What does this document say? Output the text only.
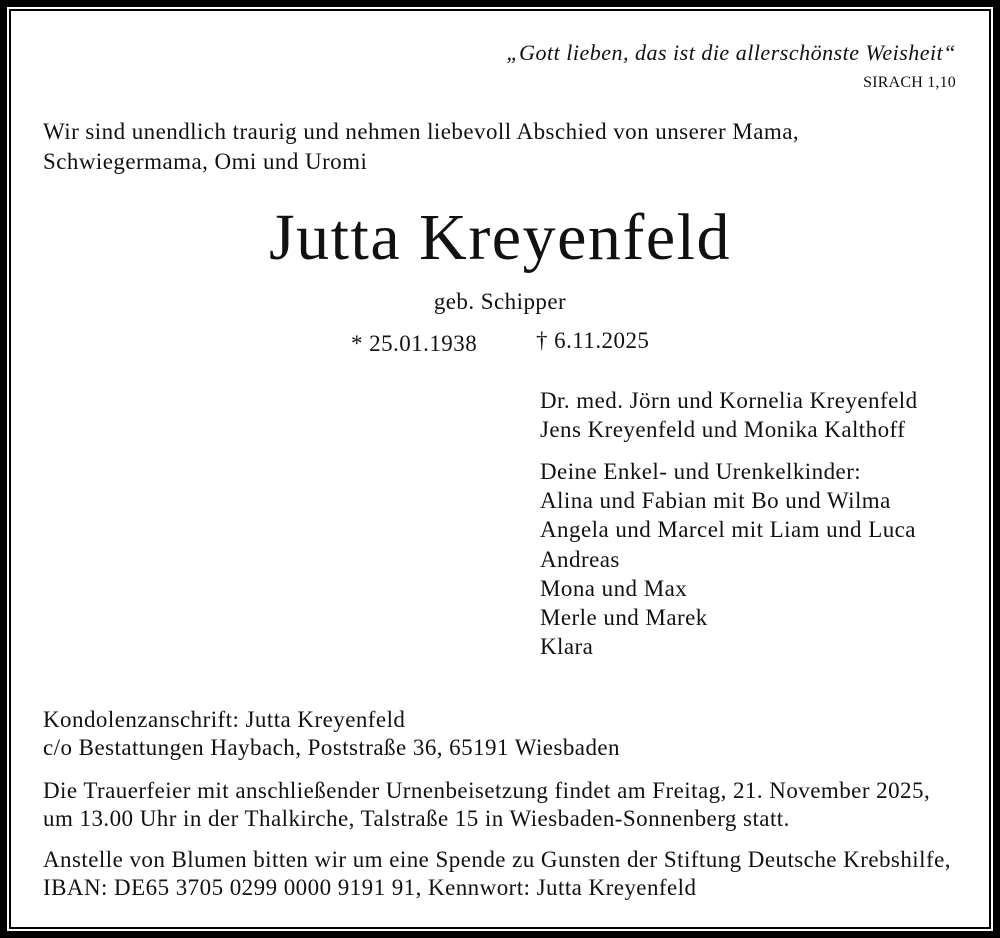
„Gott lieben, das ist die allerschönste Weisheit“
SIRACH 1,10
Wir sind unendlich traurig und nehmen liebevoll Abschied von unserer Mama,
Schwiegermama, Omi und Uromi
Jutta Kreyenfeld
geb. Schipper
* 25.01.1938	† 6.11.2025
Dr. med. Jörn und Kornelia Kreyenfeld
Jens Kreyenfeld und Monika Kalthoff
Deine Enkel- und Urenkelkinder:
Alina und Fabian mit Bo und Wilma
Angela und Marcel mit Liam und Luca
Andreas
Mona und Max
Merle und Marek
Klara
Kondolenzanschrift: Jutta Kreyenfeld
c/o Bestattungen Haybach, Poststraße 36, 65191 Wiesbaden
Die Trauerfeier mit anschließender Urnenbeisetzung findet am Freitag, 21. November 2025,
um 13.00 Uhr in der Thalkirche, Talstraße 15 in Wiesbaden-Sonnenberg statt.
Anstelle von Blumen bitten wir um eine Spende zu Gunsten der Stiftung Deutsche Krebshilfe,
IBAN: DE65 3705 0299 0000 9191 91, Kennwort: Jutta Kreyenfeld
